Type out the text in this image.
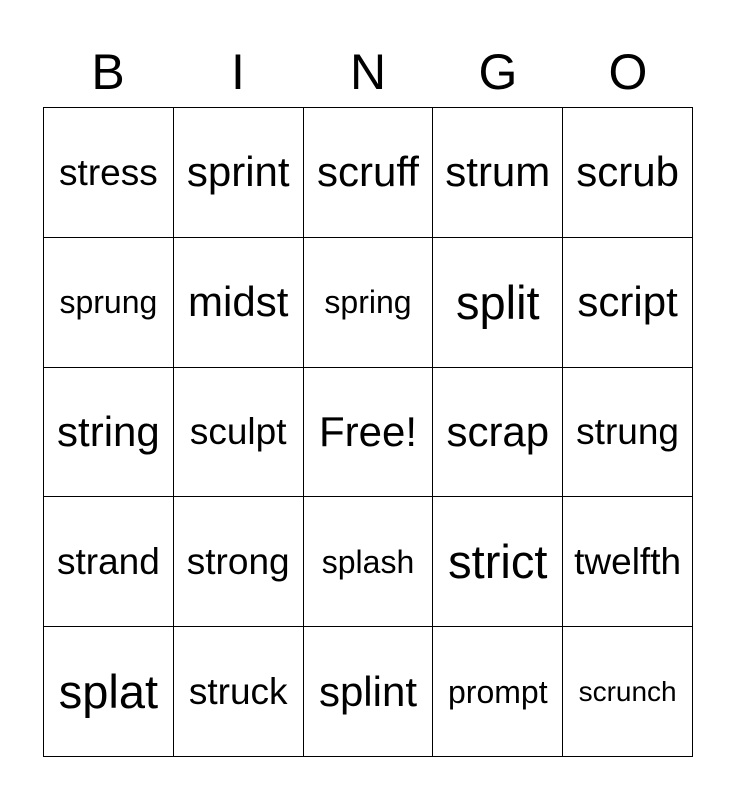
B	I	N	G	O
stress sprint scruff strum scrub
sprung midst	spring split script
string sculpt Free! scrap strung
strand strong	splash strict twelfth
splat struck splint prompt	scrunch
